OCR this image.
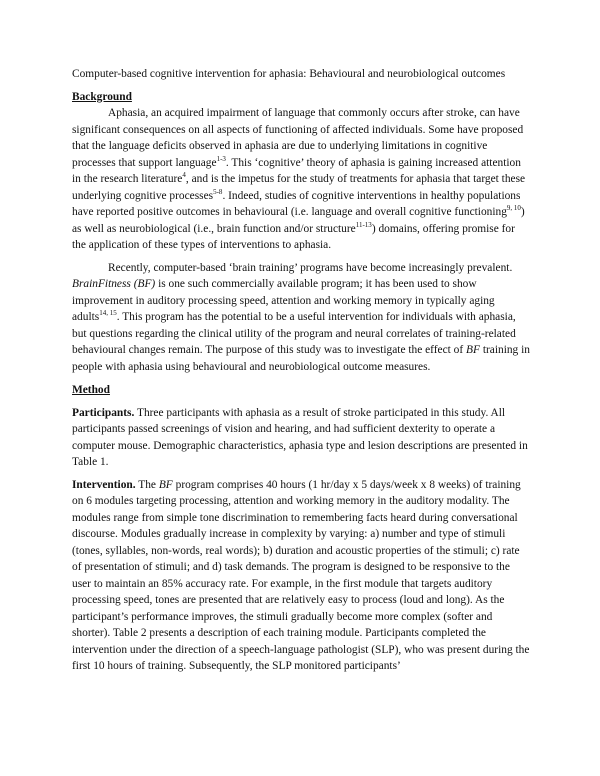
Computer-based cognitive intervention for aphasia: Behavioural and neurobiological outcomes

Background

Aphasia, an acquired impairment of language that commonly occurs after stroke, can have significant consequences on all aspects of functioning of affected individuals. Some have proposed that the language deficits observed in aphasia are due to underlying limitations in cognitive processes that support language$^{1-3}$. This ‘cognitive’ theory of aphasia is gaining increased attention in the research literature$^4$, and is the impetus for the study of treatments for aphasia that target these underlying cognitive processes$^{5-8}$. Indeed, studies of cognitive interventions in healthy populations have reported positive outcomes in behavioural (i.e. language and overall cognitive functioning$^{9, 10}$) as well as neurobiological (i.e., brain function and/or structure$^{11-13}$) domains, offering promise for the application of these types of interventions to aphasia.

Recently, computer-based ‘brain training’ programs have become increasingly prevalent. BrainFitness (BF) is one such commercially available program; it has been used to show improvement in auditory processing speed, attention and working memory in typically aging adults$^{14, 15}$. This program has the potential to be a useful intervention for individuals with aphasia, but questions regarding the clinical utility of the program and neural correlates of training-related behavioural changes remain. The purpose of this study was to investigate the effect of BF training in people with aphasia using behavioural and neurobiological outcome measures.

Method

Participants. Three participants with aphasia as a result of stroke participated in this study. All participants passed screenings of vision and hearing, and had sufficient dexterity to operate a computer mouse. Demographic characteristics, aphasia type and lesion descriptions are presented in Table 1.

Intervention. The BF program comprises 40 hours (1 hr/day x 5 days/week x 8 weeks) of training on 6 modules targeting processing, attention and working memory in the auditory modality. The modules range from simple tone discrimination to remembering facts heard during conversational discourse. Modules gradually increase in complexity by varying: a) number and type of stimuli (tones, syllables, non-words, real words); b) duration and acoustic properties of the stimuli; c) rate of presentation of stimuli; and d) task demands. The program is designed to be responsive to the user to maintain an 85% accuracy rate. For example, in the first module that targets auditory processing speed, tones are presented that are relatively easy to process (loud and long). As the participant’s performance improves, the stimuli gradually become more complex (softer and shorter). Table 2 presents a description of each training module. Participants completed the intervention under the direction of a speech-language pathologist (SLP), who was present during the first 10 hours of training. Subsequently, the SLP monitored participants’
